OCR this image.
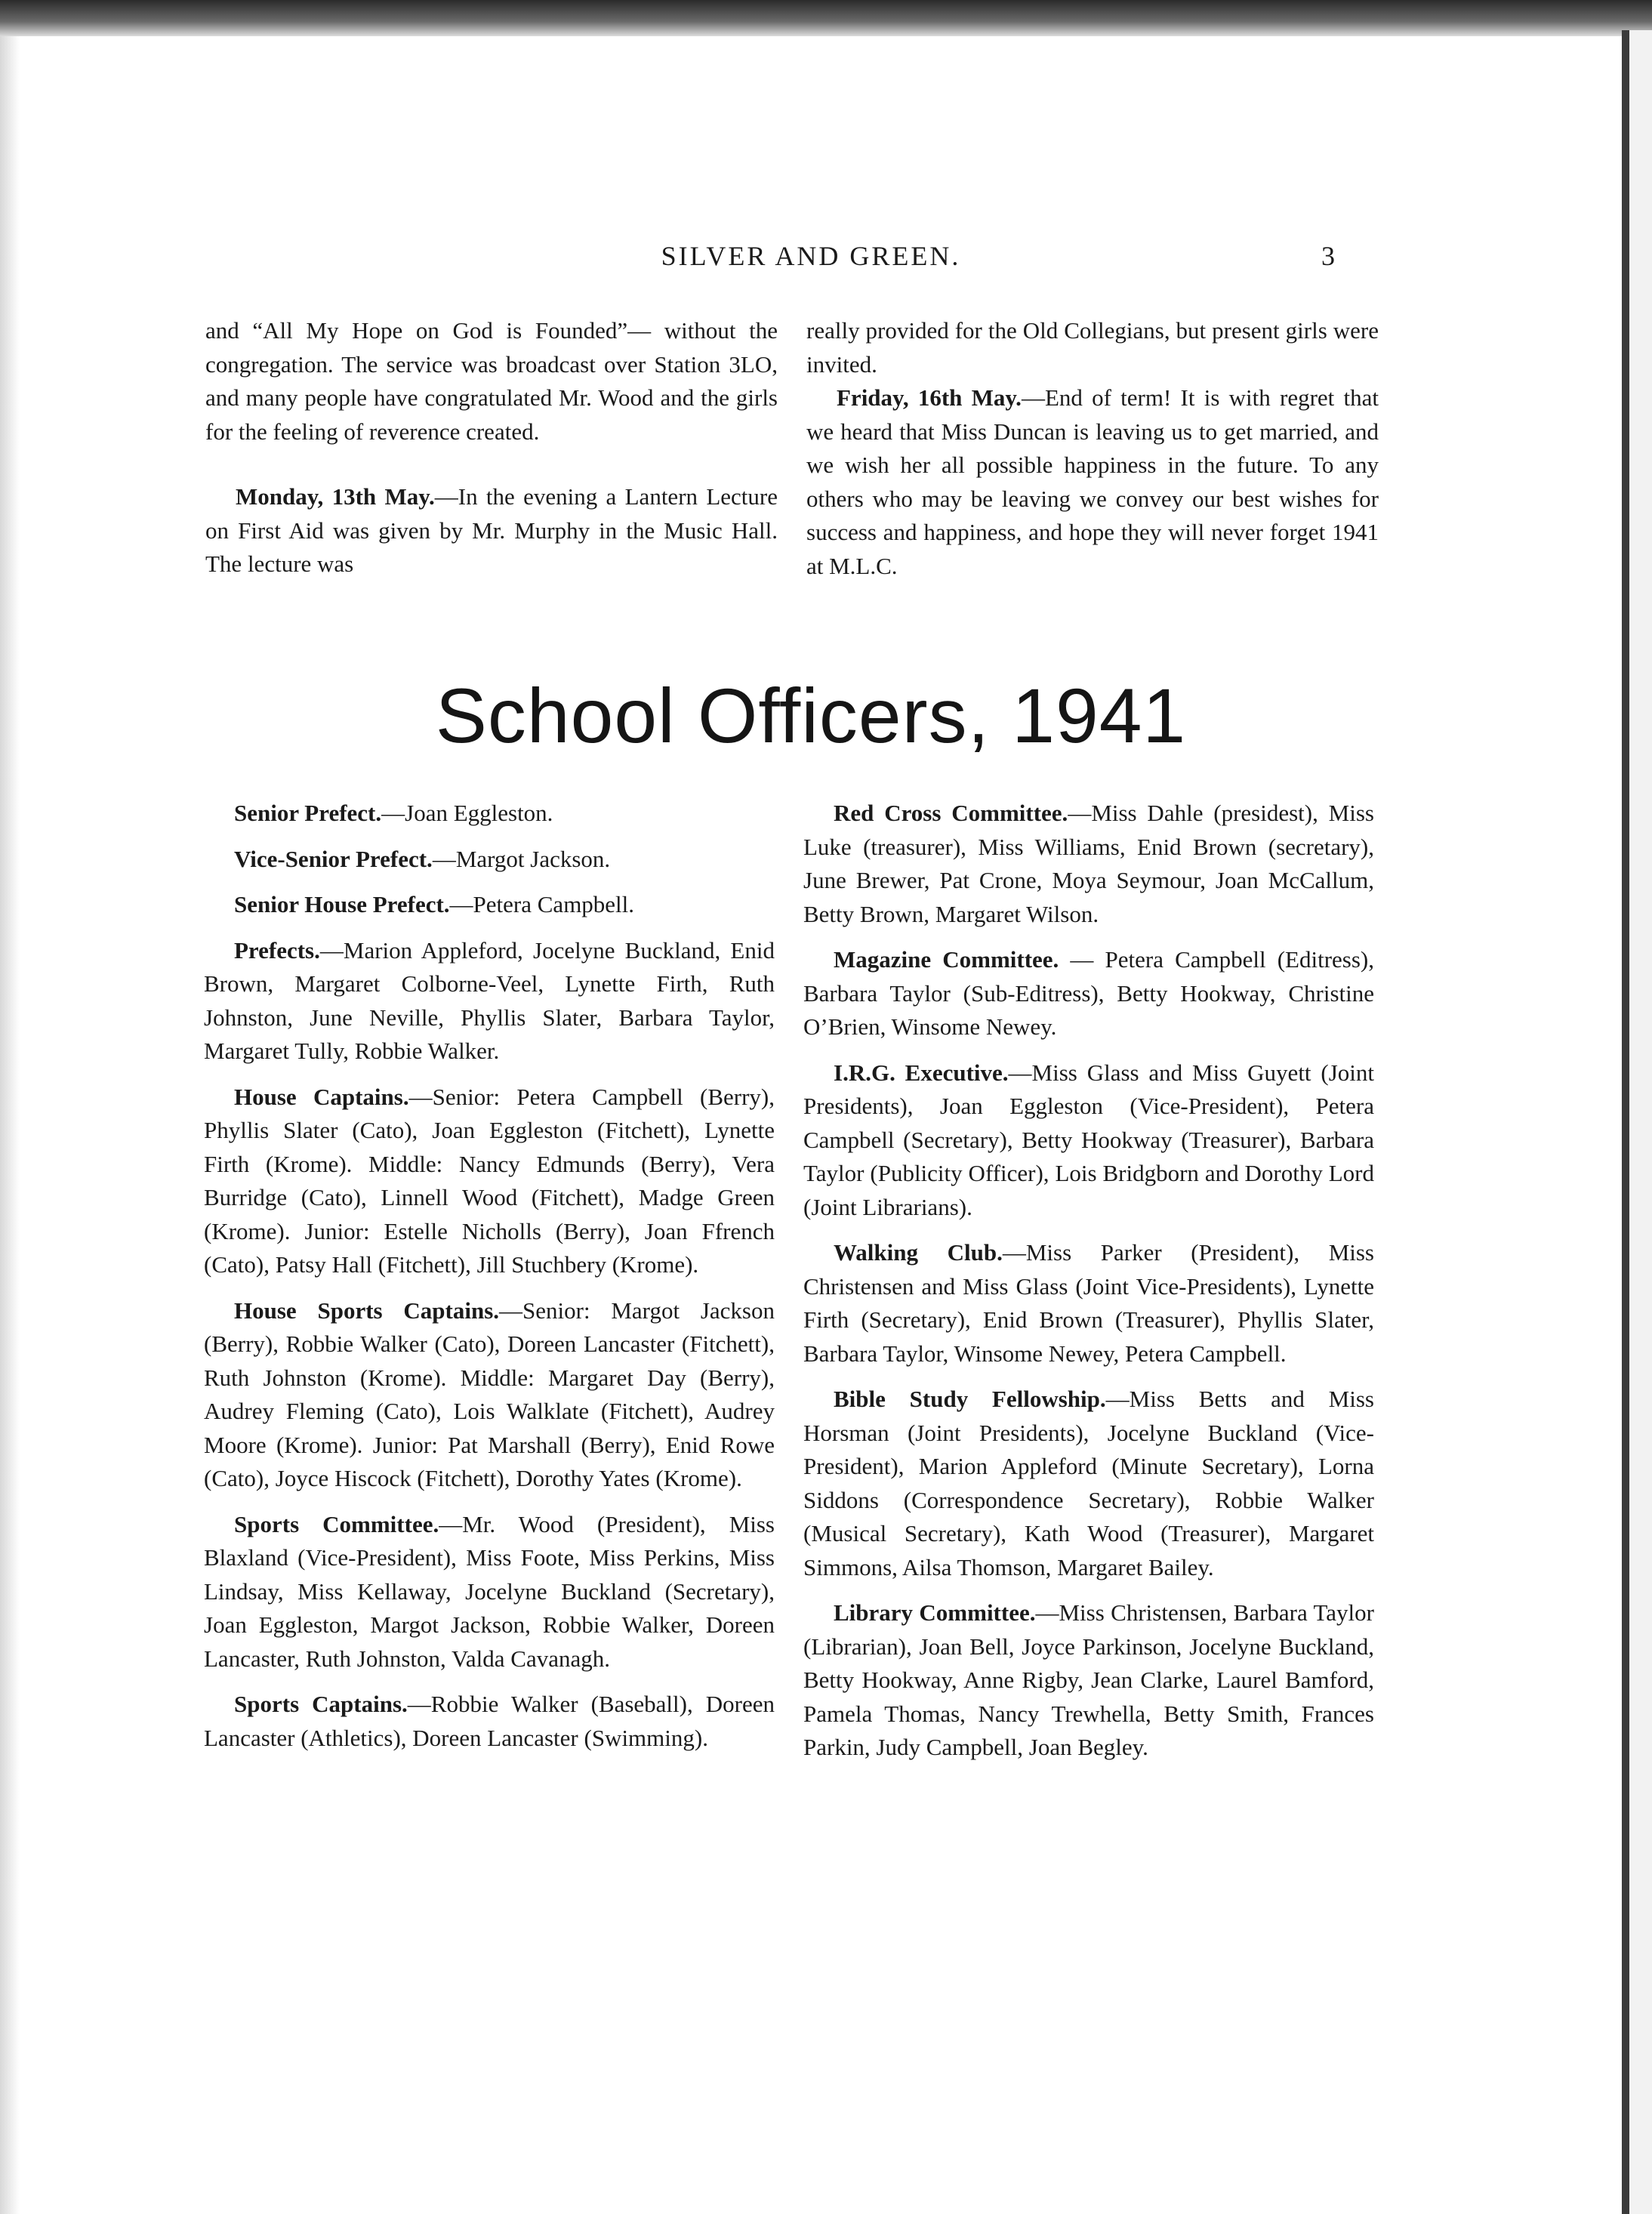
SILVER AND GREEN.	3

and “All My Hope on God is Founded”— without the congregation. The service was broadcast over Station 3LO, and many people have congratulated Mr. Wood and the girls for the feeling of reverence created.

Monday, 13th May.—In the evening a Lantern Lecture on First Aid was given by Mr. Murphy in the Music Hall. The lecture was

really provided for the Old Collegians, but present girls were invited.

Friday, 16th May.—End of term! It is with regret that we heard that Miss Duncan is leaving us to get married, and we wish her all possible happiness in the future. To any others who may be leaving we convey our best wishes for success and happiness, and hope they will never forget 1941 at M.L.C.

School Officers, 1941

Senior Prefect.—Joan Eggleston.

Vice-Senior Prefect.—Margot Jackson.

Senior House Prefect.—Petera Campbell.

Prefects.—Marion Appleford, Jocelyne Buckland, Enid Brown, Margaret Colborne-Veel, Lynette Firth, Ruth Johnston, June Neville, Phyllis Slater, Barbara Taylor, Margaret Tully, Robbie Walker.

House Captains.—Senior: Petera Campbell (Berry), Phyllis Slater (Cato), Joan Eggleston (Fitchett), Lynette Firth (Krome). Middle: Nancy Edmunds (Berry), Vera Burridge (Cato), Linnell Wood (Fitchett), Madge Green (Krome). Junior: Estelle Nicholls (Berry), Joan Ffrench (Cato), Patsy Hall (Fitchett), Jill Stuchbery (Krome).

House Sports Captains.—Senior: Margot Jackson (Berry), Robbie Walker (Cato), Doreen Lancaster (Fitchett), Ruth Johnston (Krome). Middle: Margaret Day (Berry), Audrey Fleming (Cato), Lois Walklate (Fitchett), Audrey Moore (Krome). Junior: Pat Marshall (Berry), Enid Rowe (Cato), Joyce Hiscock (Fitchett), Dorothy Yates (Krome).

Sports Committee.—Mr. Wood (President), Miss Blaxland (Vice-President), Miss Foote, Miss Perkins, Miss Lindsay, Miss Kellaway, Jocelyne Buckland (Secretary), Joan Eggleston, Margot Jackson, Robbie Walker, Doreen Lancaster, Ruth Johnston, Valda Cavanagh.

Sports Captains.—Robbie Walker (Baseball), Doreen Lancaster (Athletics), Doreen Lancaster (Swimming).

Red Cross Committee.—Miss Dahle (presidest), Miss Luke (treasurer), Miss Williams, Enid Brown (secretary), June Brewer, Pat Crone, Moya Seymour, Joan McCallum, Betty Brown, Margaret Wilson.

Magazine Committee. — Petera Campbell (Editress), Barbara Taylor (Sub-Editress), Betty Hookway, Christine O’Brien, Winsome Newey.

I.R.G. Executive.—Miss Glass and Miss Guyett (Joint Presidents), Joan Eggleston (Vice-President), Petera Campbell (Secretary), Betty Hookway (Treasurer), Barbara Taylor (Publicity Officer), Lois Bridgborn and Dorothy Lord (Joint Librarians).

Walking Club.—Miss Parker (President), Miss Christensen and Miss Glass (Joint Vice-Presidents), Lynette Firth (Secretary), Enid Brown (Treasurer), Phyllis Slater, Barbara Taylor, Winsome Newey, Petera Campbell.

Bible Study Fellowship.—Miss Betts and Miss Horsman (Joint Presidents), Jocelyne Buckland (Vice-President), Marion Appleford (Minute Secretary), Lorna Siddons (Correspondence Secretary), Robbie Walker (Musical Secretary), Kath Wood (Treasurer), Margaret Simmons, Ailsa Thomson, Margaret Bailey.

Library Committee.—Miss Christensen, Barbara Taylor (Librarian), Joan Bell, Joyce Parkinson, Jocelyne Buckland, Betty Hookway, Anne Rigby, Jean Clarke, Laurel Bamford, Pamela Thomas, Nancy Trewhella, Betty Smith, Frances Parkin, Judy Campbell, Joan Begley.
